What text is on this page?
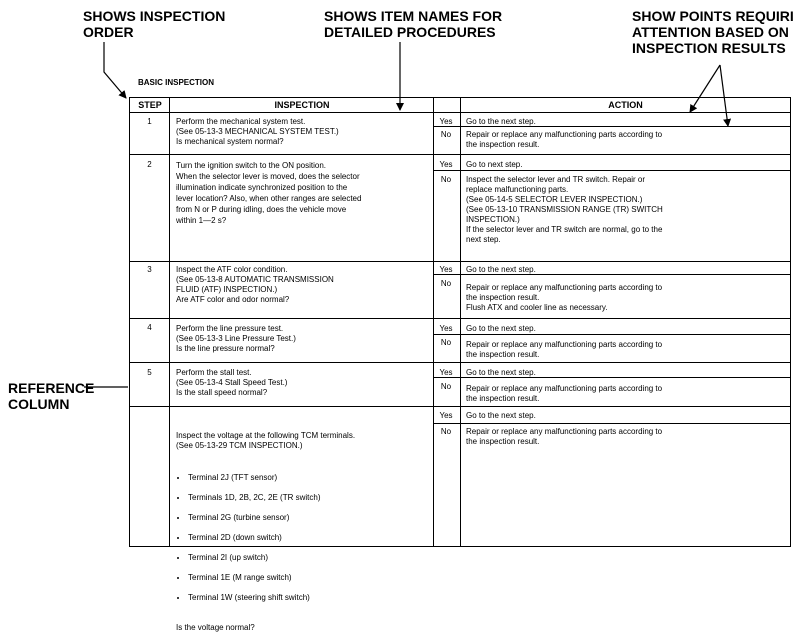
SHOWS INSPECTION
ORDER
SHOWS ITEM NAMES FOR
DETAILED PROCEDURES
SHOW POINTS REQUIRI
ATTENTION BASED ON
INSPECTION RESULTS
REFERENCE
COLUMN
BASIC INSPECTION
STEP	INSPECTION	ACTION
1	Perform the mechanical system test.
(See 05-13-3 MECHANICAL SYSTEM TEST.)
Is mechanical system normal?
Yes	Go to the next step.
No	Repair or replace any malfunctioning parts according to
the inspection result.
2	Turn the ignition switch to the ON position.
When the selector lever is moved, does the selector
illumination indicate synchronized position to the
lever location? Also, when other ranges are selected
from N or P during idling, does the vehicle move
within 1—2 s?
Yes	Go to next step.
No	Inspect the selector lever and TR switch. Repair or
replace malfunctioning parts.
(See 05-14-5 SELECTOR LEVER INSPECTION.)
(See 05-13-10 TRANSMISSION RANGE (TR) SWITCH
INSPECTION.)
If the selector lever and TR switch are normal, go to the
next step.
3	Inspect the ATF color condition.
(See 05-13-8 AUTOMATIC TRANSMISSION
FLUID (ATF) INSPECTION.)
Are ATF color and odor normal?
Yes	Go to the next step.
No	Repair or replace any malfunctioning parts according to
the inspection result.
Flush ATX and cooler line as necessary.
4	Perform the line pressure test.
(See 05-13-3 Line Pressure Test.)
Is the line pressure normal?
Yes	Go to the next step.
No	Repair or replace any malfunctioning parts according to
the inspection result.
5	Perform the stall test.
(See 05-13-4 Stall Speed Test.)
Is the stall speed normal?
Yes	Go to the next step.
No	Repair or replace any malfunctioning parts according to
the inspection result.

Inspect the voltage at the following TCM terminals.
(See 05-13-29 TCM INSPECTION.)

• Terminal 2J (TFT sensor)

• Terminals 1D, 2B, 2C, 2E (TR switch)

• Terminal 2G (turbine sensor)

• Terminal 2D (down switch)

• Terminal 2I (up switch)

• Terminal 1E (M range switch)

• Terminal 1W (steering shift switch)

Is the voltage normal?

Yes	Go to the next step.
No	Repair or replace any malfunctioning parts according to
the inspection result.
